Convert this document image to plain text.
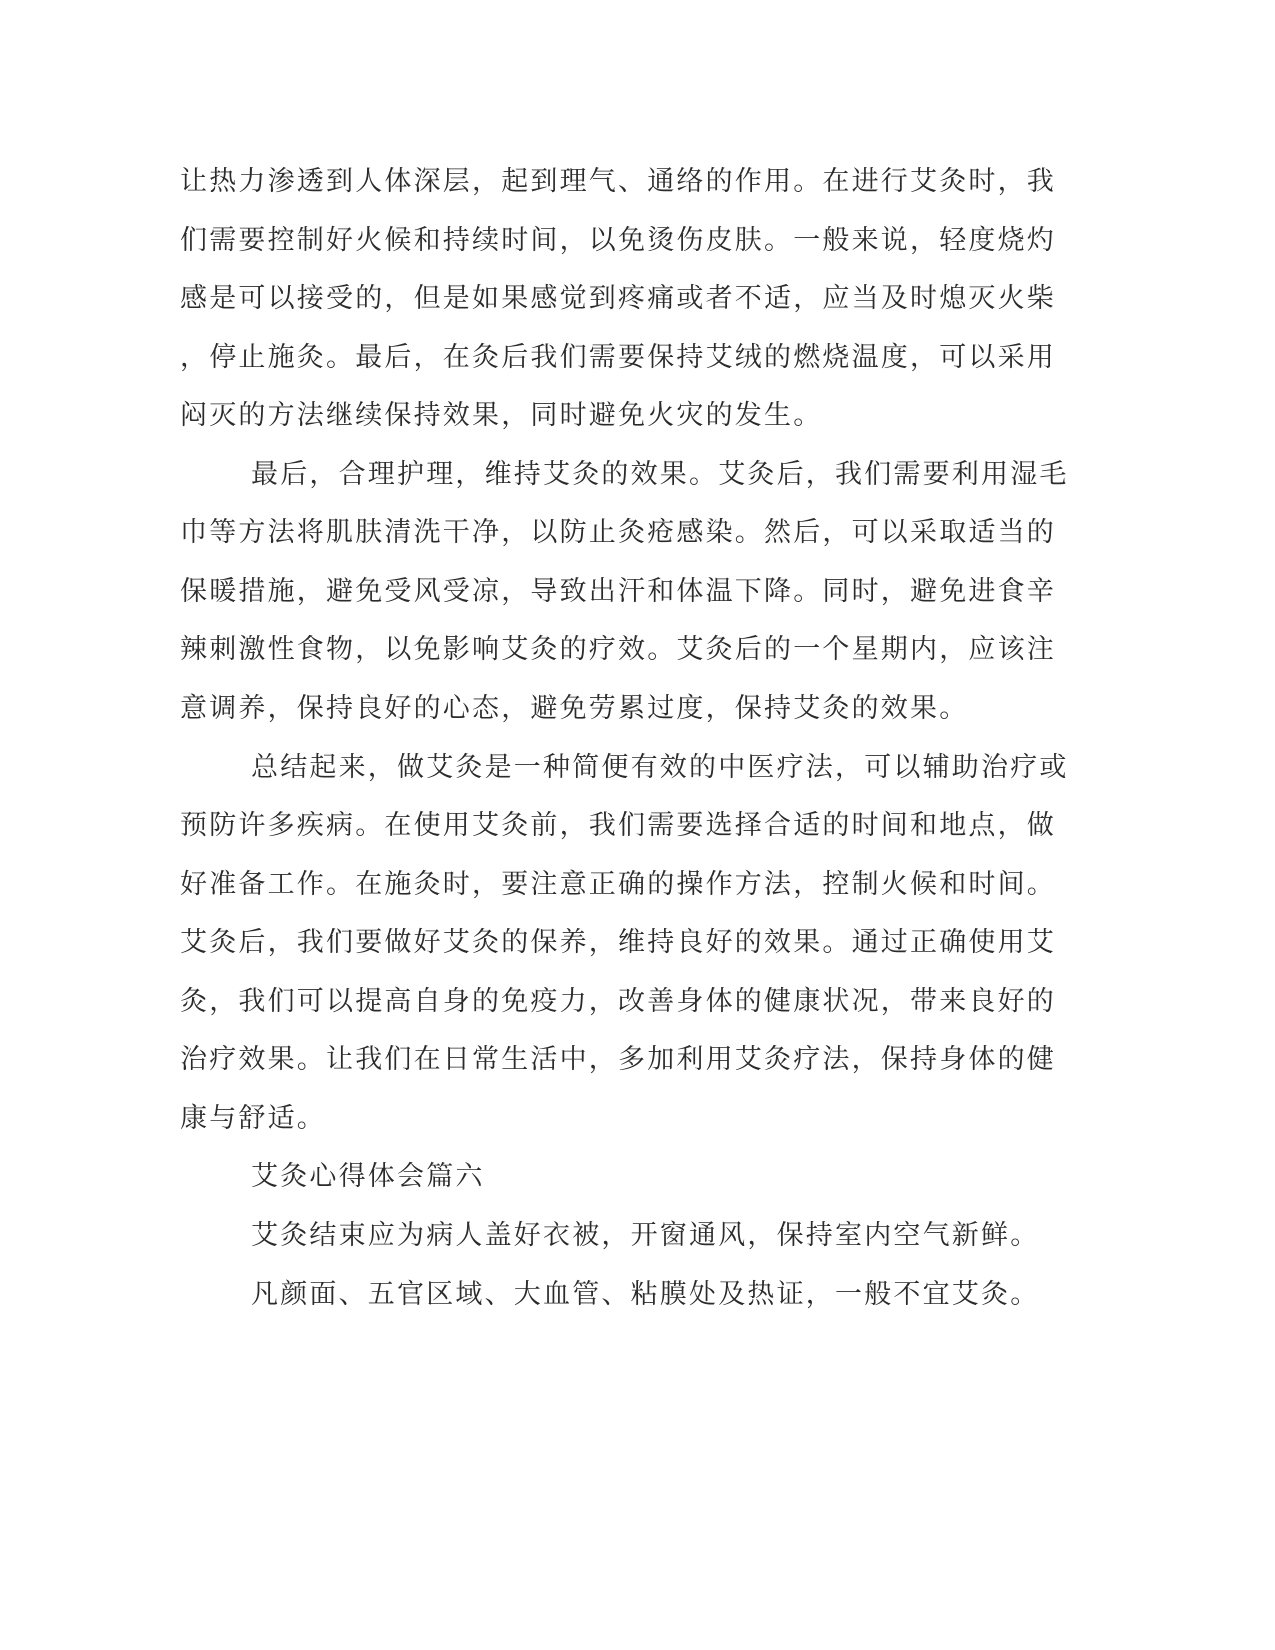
让热力渗透到人体深层，起到理气、通络的作用。在进行艾灸时，我
们需要控制好火候和持续时间，以免烫伤皮肤。一般来说，轻度烧灼
感是可以接受的，但是如果感觉到疼痛或者不适，应当及时熄灭火柴
，停止施灸。最后，在灸后我们需要保持艾绒的燃烧温度，可以采用
闷灭的方法继续保持效果，同时避免火灾的发生。
最后，合理护理，维持艾灸的效果。艾灸后，我们需要利用湿毛
巾等方法将肌肤清洗干净，以防止灸疮感染。然后，可以采取适当的
保暖措施，避免受风受凉，导致出汗和体温下降。同时，避免进食辛
辣刺激性食物，以免影响艾灸的疗效。艾灸后的一个星期内，应该注
意调养，保持良好的心态，避免劳累过度，保持艾灸的效果。
总结起来，做艾灸是一种简便有效的中医疗法，可以辅助治疗或
预防许多疾病。在使用艾灸前，我们需要选择合适的时间和地点，做
好准备工作。在施灸时，要注意正确的操作方法，控制火候和时间。
艾灸后，我们要做好艾灸的保养，维持良好的效果。通过正确使用艾
灸，我们可以提高自身的免疫力，改善身体的健康状况，带来良好的
治疗效果。让我们在日常生活中，多加利用艾灸疗法，保持身体的健
康与舒适。
艾灸心得体会篇六
艾灸结束应为病人盖好衣被，开窗通风，保持室内空气新鲜。
凡颜面、五官区域、大血管、粘膜处及热证，一般不宜艾灸。
